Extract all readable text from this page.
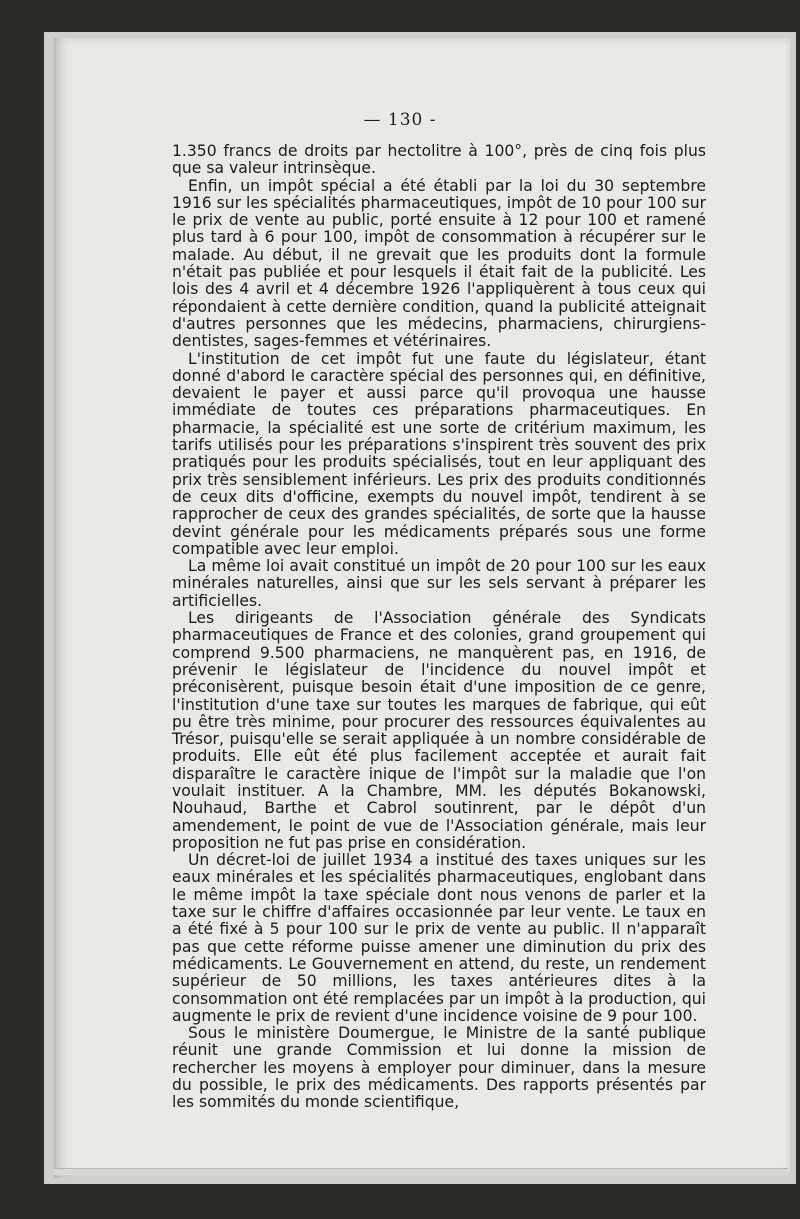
— 130 -

1.350 francs de droits par hectolitre à 100°, près de cinq fois plus que sa valeur intrinsèque.

Enfin, un impôt spécial a été établi par la loi du 30 septembre 1916 sur les spécialités pharmaceutiques, impôt de 10 pour 100 sur le prix de vente au public, porté ensuite à 12 pour 100 et ramené plus tard à 6 pour 100, impôt de consommation à récupérer sur le malade. Au début, il ne grevait que les produits dont la formule n'était pas publiée et pour lesquels il était fait de la publicité. Les lois des 4 avril et 4 décembre 1926 l'appliquèrent à tous ceux qui répondaient à cette dernière condition, quand la publicité atteignait d'autres personnes que les médecins, pharmaciens, chirurgiens-dentistes, sages-femmes et vétérinaires.

L'institution de cet impôt fut une faute du législateur, étant donné d'abord le caractère spécial des personnes qui, en définitive, devaient le payer et aussi parce qu'il provoqua une hausse immédiate de toutes ces préparations pharmaceutiques. En pharmacie, la spécialité est une sorte de critérium maximum, les tarifs utilisés pour les préparations s'inspirent très souvent des prix pratiqués pour les produits spécialisés, tout en leur appliquant des prix très sensiblement inférieurs. Les prix des produits conditionnés de ceux dits d'officine, exempts du nouvel impôt, tendirent à se rapprocher de ceux des grandes spécialités, de sorte que la hausse devint générale pour les médicaments préparés sous une forme compatible avec leur emploi.

La même loi avait constitué un impôt de 20 pour 100 sur les eaux minérales naturelles, ainsi que sur les sels servant à préparer les artificielles.

Les dirigeants de l'Association générale des Syndicats pharmaceutiques de France et des colonies, grand groupement qui comprend 9.500 pharmaciens, ne manquèrent pas, en 1916, de prévenir le législateur de l'incidence du nouvel impôt et préconisèrent, puisque besoin était d'une imposition de ce genre, l'institution d'une taxe sur toutes les marques de fabrique, qui eût pu être très minime, pour procurer des ressources équivalentes au Trésor, puisqu'elle se serait appliquée à un nombre considérable de produits. Elle eût été plus facilement acceptée et aurait fait disparaître le caractère inique de l'impôt sur la maladie que l'on voulait instituer. A la Chambre, MM. les députés Bokanowski, Nouhaud, Barthe et Cabrol soutinrent, par le dépôt d'un amendement, le point de vue de l'Association générale, mais leur proposition ne fut pas prise en considération.

Un décret-loi de juillet 1934 a institué des taxes uniques sur les eaux minérales et les spécialités pharmaceutiques, englobant dans le même impôt la taxe spéciale dont nous venons de parler et la taxe sur le chiffre d'affaires occasionnée par leur vente. Le taux en a été fixé à 5 pour 100 sur le prix de vente au public. Il n'apparaît pas que cette réforme puisse amener une diminution du prix des médicaments. Le Gouvernement en attend, du reste, un rendement supérieur de 50 millions, les taxes antérieures dites à la consommation ont été remplacées par un impôt à la production, qui augmente le prix de revient d'une incidence voisine de 9 pour 100.

Sous le ministère Doumergue, le Ministre de la santé publique réunit une grande Commission et lui donne la mission de rechercher les moyens à employer pour diminuer, dans la mesure du possible, le prix des médicaments. Des rapports présentés par les sommités du monde scientifique,
